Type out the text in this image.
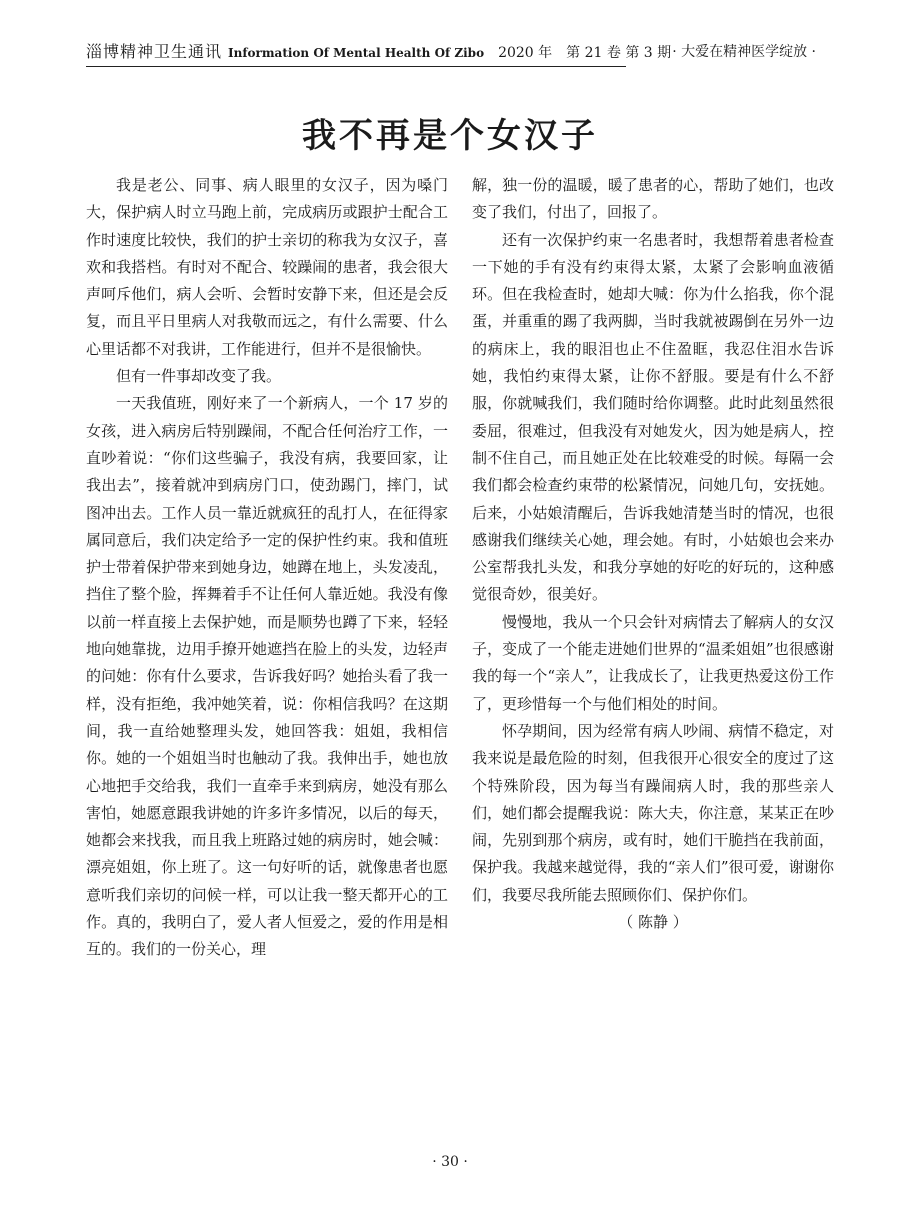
淄博精神卫生通讯 Information Of Mental Health Of Zibo 2020 年　第 21 卷 第 3 期 · 大爱在精神医学绽放 ·
我不再是个女汉子

我是老公、同事、病人眼里的女汉子，因为嗓门大，保护病人时立马跑上前，完成病历或跟护士配合工作时速度比较快，我们的护士亲切的称我为女汉子，喜欢和我搭档。有时对不配合、较躁闹的患者，我会很大声呵斥他们，病人会听、会暂时安静下来，但还是会反复，而且平日里病人对我敬而远之，有什么需要、什么心里话都不对我讲，工作能进行，但并不是很愉快。

但有一件事却改变了我。

一天我值班，刚好来了一个新病人，一个 17 岁的女孩，进入病房后特别躁闹，不配合任何治疗工作，一直吵着说：“你们这些骗子，我没有病，我要回家，让我出去”，接着就冲到病房门口，使劲踢门，摔门，试图冲出去。工作人员一靠近就疯狂的乱打人，在征得家属同意后，我们决定给予一定的保护性约束。我和值班护士带着保护带来到她身边，她蹲在地上，头发凌乱，挡住了整个脸，挥舞着手不让任何人靠近她。我没有像以前一样直接上去保护她，而是顺势也蹲了下来，轻轻地向她靠拢，边用手撩开她遮挡在脸上的头发，边轻声的问她：你有什么要求，告诉我好吗？她抬头看了我一样，没有拒绝，我冲她笑着，说：你相信我吗？在这期间，我一直给她整理头发，她回答我：姐姐，我相信你。她的一个姐姐当时也触动了我。我伸出手，她也放心地把手交给我，我们一直牵手来到病房，她没有那么害怕，她愿意跟我讲她的许多许多情况，以后的每天，她都会来找我，而且我上班路过她的病房时，她会喊：漂亮姐姐，你上班了。这一句好听的话，就像患者也愿意听我们亲切的问候一样，可以让我一整天都开心的工作。真的，我明白了，爱人者人恒爱之，爱的作用是相互的。我们的一份关心，理

解，独一份的温暖，暖了患者的心，帮助了她们，也改变了我们，付出了，回报了。

还有一次保护约束一名患者时，我想帮着患者检查一下她的手有没有约束得太紧，太紧了会影响血液循环。但在我检查时，她却大喊：你为什么掐我，你个混蛋，并重重的踢了我两脚，当时我就被踢倒在另外一边的病床上，我的眼泪也止不住盈眶，我忍住泪水告诉她，我怕约束得太紧，让你不舒服。要是有什么不舒服，你就喊我们，我们随时给你调整。此时此刻虽然很委屈，很难过，但我没有对她发火，因为她是病人，控制不住自己，而且她正处在比较难受的时候。每隔一会我们都会检查约束带的松紧情况，问她几句，安抚她。后来，小姑娘清醒后，告诉我她清楚当时的情况，也很感谢我们继续关心她，理会她。有时，小姑娘也会来办公室帮我扎头发，和我分享她的好吃的好玩的，这种感觉很奇妙，很美好。

慢慢地，我从一个只会针对病情去了解病人的女汉子，变成了一个能走进她们世界的“温柔姐姐”也很感谢我的每一个“亲人”，让我成长了，让我更热爱这份工作了，更珍惜每一个与他们相处的时间。

怀孕期间，因为经常有病人吵闹、病情不稳定，对我来说是最危险的时刻，但我很开心很安全的度过了这个特殊阶段，因为每当有躁闹病人时，我的那些亲人们，她们都会提醒我说：陈大夫，你注意，某某正在吵闹，先别到那个病房，或有时，她们干脆挡在我前面，保护我。我越来越觉得，我的“亲人们”很可爱，谢谢你们，我要尽我所能去照顾你们、保护你们。

（ 陈静 ）

· 30 ·
